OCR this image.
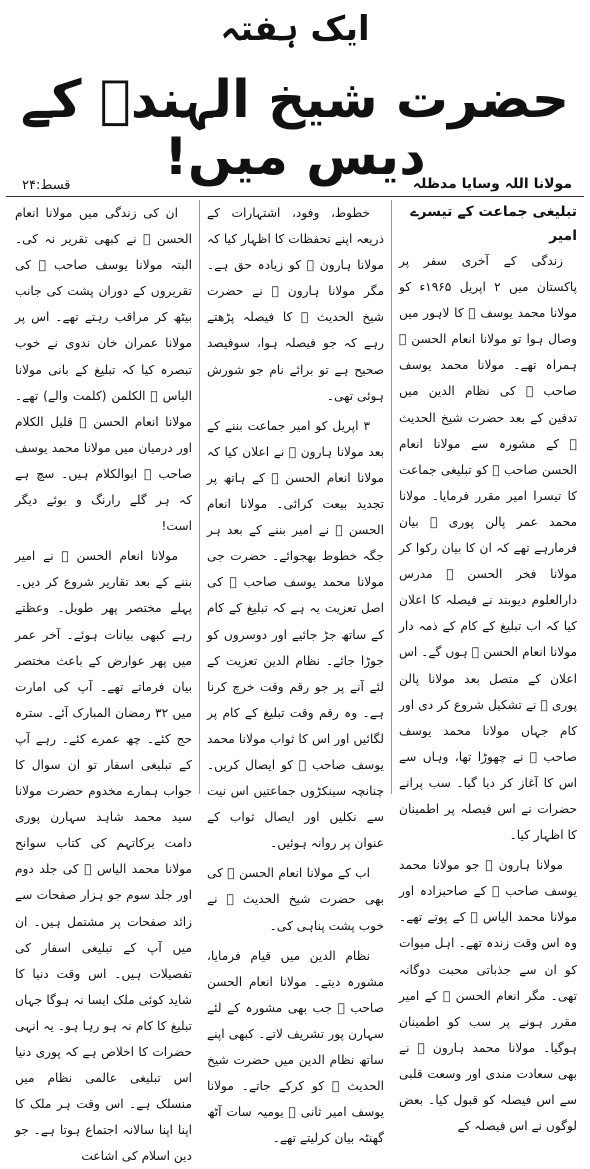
ایک ہفتہ
حضرت شیخ الہندؒ کے دیس میں!
مولانا اللہ وسایا مدظلہ
قسط:۲۴
تبلیغی جماعت کے تیسرے امیر

زندگی کے آخری سفر پر پاکستان میں ۲ اپریل ۱۹۶۵ء کو مولانا محمد یوسف ﷫ کا لاہور میں وصال ہوا تو مولانا انعام الحسن ﷫ ہمراہ تھے۔ مولانا محمد یوسف صاحب ﷫ کی نظام الدین میں تدفین کے بعد حضرت شیخ الحدیث ﷫ کے مشورہ سے مولانا انعام الحسن صاحب ﷫ کو تبلیغی جماعت کا تیسرا امیر مقرر فرمایا۔ مولانا محمد عمر پالن پوری ﷫ بیان فرمارہے تھے کہ ان کا بیان رکوا کر مولانا فخر الحسن ﷫ مدرس دارالعلوم دیوبند نے فیصلہ کا اعلان کیا کہ اب تبلیغ کے کام کے ذمہ دار مولانا انعام الحسن ﷫ ہوں گے۔ اس اعلان کے متصل بعد مولانا پالن پوری ﷫ نے تشکیل شروع کر دی اور کام جہاں مولانا محمد یوسف صاحب ﷫ نے چھوڑا تھا، وہاں سے اس کا آغاز کر دیا گیا۔ سب پرانے حضرات نے اس فیصلہ پر اطمینان کا اظہار کیا۔

مولانا ہارون ﷫ جو مولانا محمد یوسف صاحب ﷫ کے صاحبزادہ اور مولانا محمد الیاس ﷫ کے پوتے تھے۔ وہ اس وقت زندہ تھے۔ اہل میوات کو ان سے جذباتی محبت دوگانہ تھی۔ مگر انعام الحسن ﷫ کے امیر مقرر ہونے پر سب کو اطمینان ہوگیا۔ مولانا محمد ہارون ﷫ نے بھی سعادت مندی اور وسعت قلبی سے اس فیصلہ کو قبول کیا۔ بعض لوگوں نے اس فیصلہ کے

خطوط، وفود، اشتہارات کے ذریعہ اپنے تحفظات کا اظہار کیا کہ مولانا ہارون ﷫ کو زیادہ حق ہے۔ مگر مولانا ہارون ﷫ نے حضرت شیخ الحدیث ﷫ کا فیصلہ پڑھتے رہے کہ جو فیصلہ ہوا، سوفیصد صحیح ہے تو برائے نام جو شورش ہوئی تھی۔

۳ اپریل کو امیر جماعت بننے کے بعد مولانا ہارون ﷫ نے اعلان کیا کہ مولانا انعام الحسن ﷫ کے ہاتھ پر تجدید بیعت کرائی۔ مولانا انعام الحسن ﷫ نے امیر بننے کے بعد ہر جگہ خطوط بھجوائے۔ حضرت جی مولانا محمد یوسف صاحب ﷫ کی اصل تعزیت یہ ہے کہ تبلیغ کے کام کے ساتھ جڑ جائیے اور دوسروں کو جوڑا جائے۔ نظام الدین تعزیت کے لئے آنے پر جو رقم وقت خرچ کرنا ہے۔ وہ رقم وقت تبلیغ کے کام پر لگائیں اور اس کا ثواب مولانا محمد یوسف صاحب ﷫ کو ایصال کریں۔ چنانچہ سینکڑوں جماعتیں اس نیت سے نکلیں اور ایصال ثواب کے عنوان پر روانہ ہوئیں۔

اب کے مولانا انعام الحسن ﷫ کی بھی حضرت شیخ الحدیث ﷫ نے خوب پشت پناہی کی۔

نظام الدین میں قیام فرمایا، مشورہ دیتے۔ مولانا انعام الحسن صاحب ﷫ جب بھی مشورہ کے لئے سہارن پور تشریف لاتے۔ کبھی اپنے ساتھ نظام الدین میں حضرت شیخ الحدیث ﷫ کو کرکے جاتے۔ مولانا یوسف امیر ثانی ﷫ یومیہ سات آٹھ گھنٹہ بیان کرلیتے تھے۔

ان کی زندگی میں مولانا انعام الحسن ﷫ نے کبھی تقریر نہ کی۔ البتہ مولانا یوسف صاحب ﷫ کی تقریروں کے دوران پشت کی جانب بیٹھ کر مراقب رہتے تھے۔ اس پر مولانا عمران خان ندوی نے خوب تبصرہ کیا کہ تبلیغ کے بانی مولانا الیاس ﷫ الکلمن (کلمت والے) تھے۔ مولانا انعام الحسن ﷫ قلیل الکلام اور درمیان میں مولانا محمد یوسف صاحب ﷫ ابوالکلام ہیں۔ سچ ہے کہ ہر گلے رارنگ و بوئے دیگر است!

مولانا انعام الحسن ﷫ نے امیر بننے کے بعد تقاریر شروع کر دیں۔ پہلے مختصر پھر طویل۔ وعظتے رہے کبھی بیانات ہوئے۔ آخر عمر میں پھر عوارض کے باعث مختصر بیان فرماتے تھے۔ آپ کی امارت میں ۳۲ رمضان المبارک آئے۔ سترہ حج کئے۔ چھ عمرے کئے۔ رہے آپ کے تبلیغی اسفار تو ان سوال کا جواب ہمارے مخدوم حضرت مولانا سید محمد شاہد سہارن پوری دامت برکاتہم کی کتاب سوانح مولانا محمد الیاس ﷫ کی جلد دوم اور جلد سوم جو ہزار صفحات سے زائد صفحات پر مشتمل ہیں۔ ان میں آپ کے تبلیغی اسفار کی تفصیلات ہیں۔ اس وقت دنیا کا شاید کوئی ملک ایسا نہ ہوگا جہاں تبلیغ کا کام نہ ہو رہا ہو۔ یہ انہی حضرات کا اخلاص ہے کہ پوری دنیا اس تبلیغی عالمی نظام میں منسلک ہے۔ اس وقت ہر ملک کا اپنا اپنا سالانہ اجتماع ہوتا ہے۔ جو دین اسلام کی اشاعت
